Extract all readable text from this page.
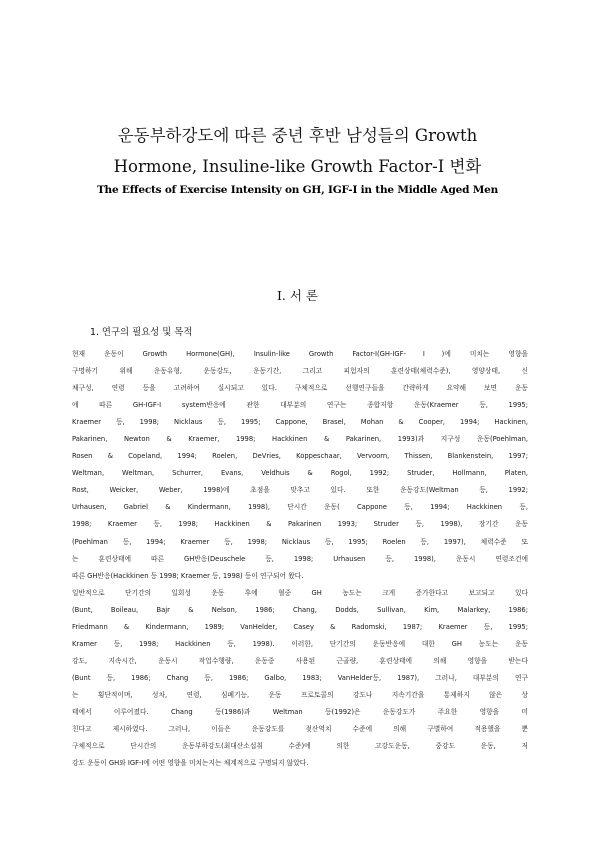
운동부하강도에 따른 중년 후반 남성들의 Growth
Hormone, Insuline-like Growth Factor-I 변화
The Effects of Exercise Intensity on GH, IGF-I in the Middle Aged Men
I. 서 론
1. 연구의 필요성 및 목적
현재 운동이 Growth Hormone(GH), Insulin-like Growth Factor-I(GH-IGF-Ⅰ)에 미치는 영향을
구명하기 위해 운동유형, 운동강도, 운동기간, 그리고 피험자의 훈련상태(체력수준), 영양상태, 신
체구성, 연령 등을 고려하여 실시되고 있다. 구체적으로 선행연구들을 간략하게 요약해 보면 운동
에 따른 GH-IGF-I system반응에 관한 대부분의 연구는 종합저항 운동(Kraemer 등, 1995;
Kraemer 등, 1998; Nicklaus 등, 1995; Cappone, Brasel, Mohan & Cooper, 1994; Hackinen,
Pakarinen, Newton & Kraemer, 1998; Hackkinen & Pakarinen, 1993)과 지구성 운동(Poehlman,
Rosen & Copeland, 1994; Roelen, DeVries, Koppeschaar, Vervoorn, Thissen, Blankenstein, 1997;
Weltman, Weltman, Schurrer, Evans, Veldhuis & Rogol, 1992; Struder, Hollmann, Platen,
Rost, Weicker, Weber, 1998)에 초점을 맞추고 있다. 또한 운동강도(Weltman 등, 1992;
Urhausen, Gabriel & Kindermann, 1998), 단시간 운동( Cappone 등, 1994; Hackkinen 등,
1998; Kraemer 등, 1998; Hackkinen & Pakarinen 1993; Struder 등, 1998), 장기간 운동
(Poehlman 등, 1994; Kraemer 등, 1998; Nicklaus 등, 1995; Roelen 등, 1997), 체력수준 또
는 훈련상태에 따른 GH반응(Deuschele 등, 1998; Urhausen 등, 1998), 운동시 연령조건에
따른 GH반응(Hackkinen 등 1998; Kraemer 등, 1998) 등이 연구되어 왔다.
일반적으로 단기간의 일회성 운동 후에 혈중 GH 농도는 크게 증가한다고 보고되고 있다
(Bunt, Boileau, Bajr & Nelson, 1986; Chang, Dodds, Sullivan, Kim, Malarkey, 1986;
Friedmann & Kindermann, 1989; VanHelder, Casey & Radomski, 1987; Kraemer 등, 1995;
Kramer 등, 1998; Hackkinen 등, 1998). 이러한, 단기간의 운동반응에 대한 GH 농도는 운동
강도, 지속시간, 운동시 작업수행량, 운동중 사용된 근골량, 훈련상태에 의해 영향을 받는다
(Bunt 등, 1986; Chang 등, 1986; Galbo, 1983; VanHelder등, 1987), 그러나, 대부분의 연구
는 횡단적이며, 성차, 연령, 심폐기능, 운동 프로토콜의 강도나 지속기간을 통제하지 않은 상
태에서 이루어졌다. Chang 등(1986)과 Weltman 등(1992)은 운동강도가 주요한 영향을 미
친다고 제시하였다. 그러나, 이들은 운동강도를 젖산역치 수준에 의해 구별하여 적용했을 뿐
구체적으로 단시간의 운동부하강도(최대산소섭취 수준)에 의한 고강도운동, 중강도 운동, 저
강도 운동이 GH와 IGF-I에 어떤 영향을 미치는지는 체계적으로 구명되지 않았다.
